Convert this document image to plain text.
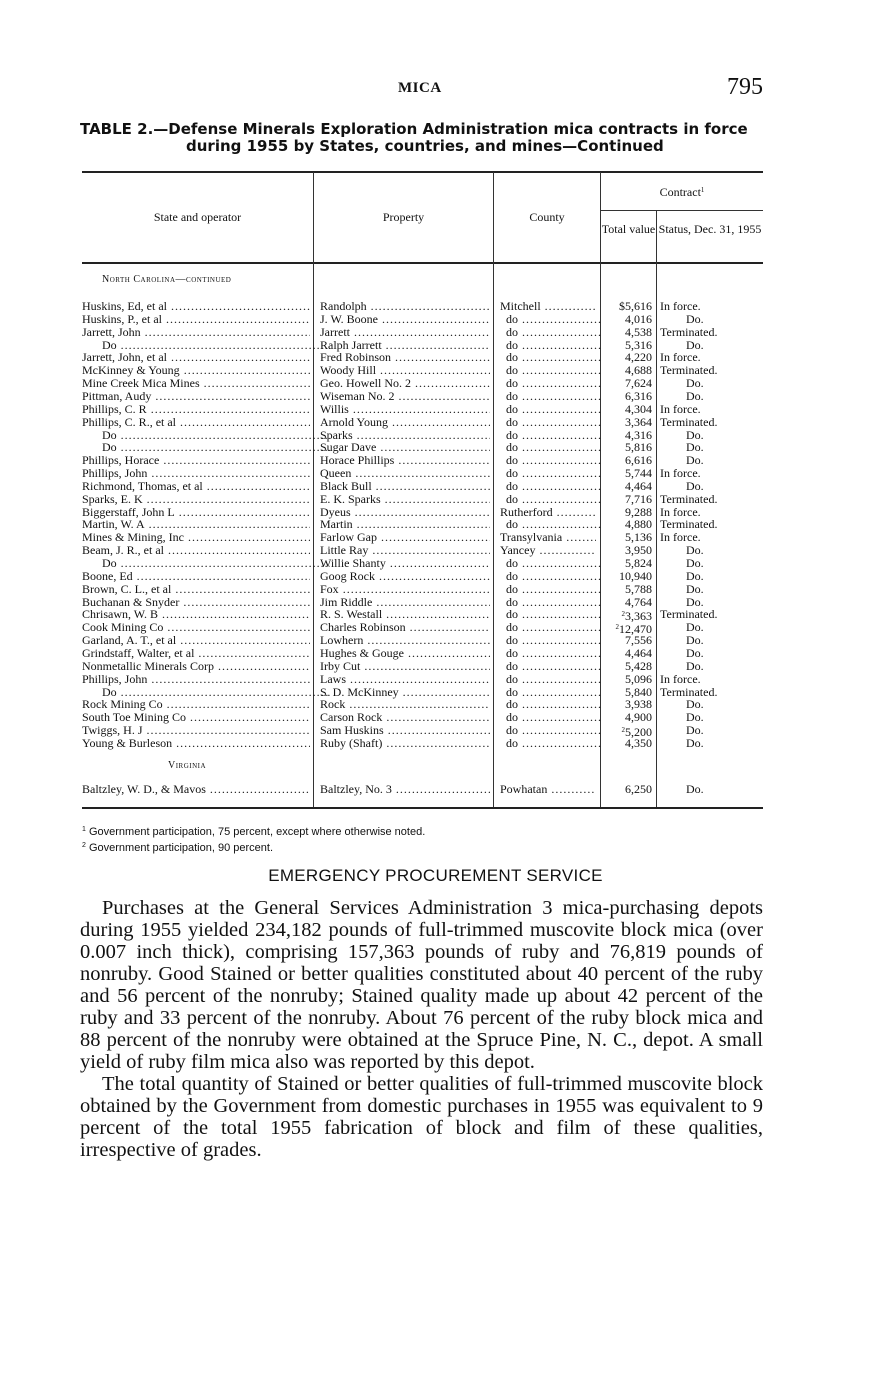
MICA	795
TABLE 2.—Defense Minerals Exploration Administration mica contracts in force
during 1955 by States, countries, and mines—Continued
State and operator	Property	County
Contract$^1$
Total value Status, Dec. 31, 1955
North Carolina—continued
Huskins, Ed, et al .....	Randolph .....	Mitchell .....	$5,616 In force.
Huskins, P., et al .....	J. W. Boone .....	do .....	4,016	Do.
Jarrett, John .....	Jarrett .....	do .....	4,538 Terminated.
Do .....	Ralph Jarrett .....	do .....	5,316	Do.
Jarrett, John, et al .....	Fred Robinson .....	do .....	4,220 In force.
McKinney & Young .....	Woody Hill .....	do .....	4,688 Terminated.
Mine Creek Mica Mines .....	Geo. Howell No. 2 .....	do .....	7,624	Do.
Pittman, Audy .....	Wiseman No. 2 .....	do .....	6,316	Do.
Phillips, C. R .....	Willis .....	do .....	4,304 In force.
Phillips, C. R., et al .....	Arnold Young .....	do .....	3,364 Terminated.
Do .....	Sparks .....	do .....	4,316	Do.
Do .....	Sugar Dave .....	do .....	5,816	Do.
Phillips, Horace .....	Horace Phillips .....	do .....	6,616	Do.
Phillips, John .....	Queen .....	do .....	5,744 In force.
Richmond, Thomas, et al .....	Black Bull .....	do .....	4,464	Do.
Sparks, E. K .....	E. K. Sparks .....	do .....	7,716 Terminated.
Biggerstaff, John L .....	Dyeus .....	Rutherford .....	9,288 In force.
Martin, W. A .....	Martin .....	do .....	4,880 Terminated.
Mines & Mining, Inc .....	Farlow Gap .....	Transylvania .....	5,136 In force.
Beam, J. R., et al .....	Little Ray .....	Yancey .....	3,950	Do.
Do .....	Willie Shanty .....	do .....	5,824	Do.
Boone, Ed .....	Goog Rock .....	do .....	10,940	Do.
Brown, C. L., et al .....	Fox .....	do .....	5,788	Do.
Buchanan & Snyder .....	Jim Riddle .....	do .....	4,764	Do.
Chrisawn, W. B .....	R. S. Westall .....	do .....	$^2$3,363 Terminated.
Cook Mining Co .....	Charles Robinson .....	do .....	$^2$12,470	Do.
Garland, A. T., et al .....	Lowhern .....	do .....	7,556	Do.
Grindstaff, Walter, et al .....	Hughes & Gouge .....	do .....	4,464	Do.
Nonmetallic Minerals Corp .....	Irby Cut .....	do .....	5,428	Do.
Phillips, John .....	Laws .....	do .....	5,096 In force.
Do .....	S. D. McKinney .....	do .....	5,840 Terminated.
Rock Mining Co .....	Rock .....	do .....	3,938	Do.
South Toe Mining Co .....	Carson Rock .....	do .....	4,900	Do.
Twiggs, H. J .....	Sam Huskins .....	do .....	$^2$5,200	Do.
Young & Burleson .....	Ruby (Shaft) .....	do .....	4,350	Do.
Virginia
Baltzley, W. D., & Mavos .....	Baltzley, No. 3 .....	Powhatan .....	6,250	Do.
$^1$ Government participation, 75 percent, except where otherwise noted.
$^2$ Government participation, 90 percent.
EMERGENCY PROCUREMENT SERVICE

Purchases at the General Services Administration 3 mica-purchasing depots during 1955 yielded 234,182 pounds of full-trimmed muscovite block mica (over 0.007 inch thick), comprising 157,363 pounds of ruby and 76,819 pounds of nonruby. Good Stained or better qualities constituted about 40 percent of the ruby and 56 percent of the nonruby; Stained quality made up about 42 percent of the ruby and 33 percent of the nonruby. About 76 percent of the ruby block mica and 88 percent of the nonruby were obtained at the Spruce Pine, N. C., depot. A small yield of ruby film mica also was reported by this depot.

The total quantity of Stained or better qualities of full-trimmed muscovite block obtained by the Government from domestic purchases in 1955 was equivalent to 9 percent of the total 1955 fabrication of block and film of these qualities, irrespective of grades.
